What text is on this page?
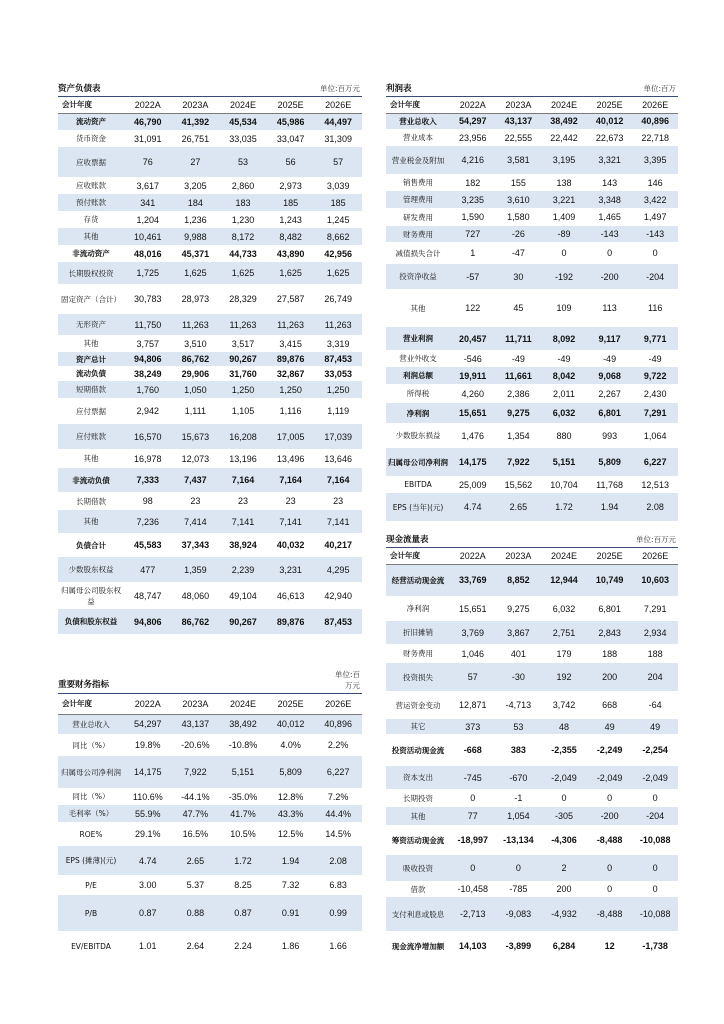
资产负债表	单位:百万元
会计年度	2022A	2023A	2024E	2025E	2026E
流动资产	46,790	41,392	45,534	45,986	44,497
货币资金	31,091	26,751	33,035	33,047	31,309
应收票据	76	27	53	56	57
应收账款	3,617	3,205	2,860	2,973	3,039
预付账款	341	184	183	185	185
存货	1,204	1,236	1,230	1,243	1,245
其他	10,461	9,988	8,172	8,482	8,662
非流动资产	48,016	45,371	44,733	43,890	42,956
长期股权投资	1,725	1,625	1,625	1,625	1,625
固定资产（合计）	30,783	28,973	28,329	27,587	26,749
无形资产	11,750	11,263	11,263	11,263	11,263
其他	3,757	3,510	3,517	3,415	3,319
资产总计	94,806	86,762	90,267	89,876	87,453
流动负债	38,249	29,906	31,760	32,867	33,053
短期借款	1,760	1,050	1,250	1,250	1,250
应付票据	2,942	1,111	1,105	1,116	1,119
应付账款	16,570	15,673	16,208	17,005	17,039
其他	16,978	12,073	13,196	13,496	13,646
非流动负债	7,333	7,437	7,164	7,164	7,164
长期借款	98	23	23	23	23
其他	7,236	7,414	7,141	7,141	7,141
负债合计	45,583	37,343	38,924	40,032	40,217
少数股东权益	477	1,359	2,239	3,231	4,295
归属母公司股东权益	48,747	48,060	49,104	46,613	42,940
负债和股东权益	94,806	86,762	90,267	89,876	87,453
利润表	单位:百万
会计年度	2022A	2023A	2024E	2025E	2026E
营业总收入	54,297	43,137	38,492	40,012	40,896
营业成本	23,956	22,555	22,442	22,673	22,718
营业税金及附加	4,216	3,581	3,195	3,321	3,395
销售费用	182	155	138	143	146
管理费用	3,235	3,610	3,221	3,348	3,422
研发费用	1,590	1,580	1,409	1,465	1,497
财务费用	727	-26	-89	-143	-143
减值损失合计	1	-47	0	0	0
投资净收益	-57	30	-192	-200	-204
其他	122	45	109	113	116
营业利润	20,457	11,711	8,092	9,117	9,771
营业外收支	-546	-49	-49	-49	-49
利润总额	19,911	11,661	8,042	9,068	9,722
所得税	4,260	2,386	2,011	2,267	2,430
净利润	15,651	9,275	6,032	6,801	7,291
少数股东损益	1,476	1,354	880	993	1,064
归属母公司净利润	14,175	7,922	5,151	5,809	6,227
EBITDA	25,009	15,562	10,704	11,768	12,513
EPS (当年)(元)	4.74	2.65	1.72	1.94	2.08
重要财务指标
单位:百万元
会计年度	2022A	2023A	2024E	2025E	2026E
营业总收入	54,297	43,137	38,492	40,012	40,896
同比（%）	19.8%	-20.6%	-10.8%	4.0%	2.2%
归属母公司净利润	14,175	7,922	5,151	5,809	6,227
同比（%）	110.6%	-44.1%	-35.0%	12.8%	7.2%
毛利率（%）	55.9%	47.7%	41.7%	43.3%	44.4%
ROE%	29.1%	16.5%	10.5%	12.5%	14.5%
EPS (摊薄)(元)	4.74	2.65	1.72	1.94	2.08
P/E	3.00	5.37	8.25	7.32	6.83
P/B	0.87	0.88	0.87	0.91	0.99
EV/EBITDA	1.01	2.64	2.24	1.86	1.66
现金流量表	单位:百万元
会计年度	2022A	2023A	2024E	2025E	2026E
经营活动现金流	33,769	8,852	12,944	10,749	10,603
净利润	15,651	9,275	6,032	6,801	7,291
折旧摊销	3,769	3,867	2,751	2,843	2,934
财务费用	1,046	401	179	188	188
投资损失	57	-30	192	200	204
营运资金变动	12,871	-4,713	3,742	668	-64
其它	373	53	48	49	49
投资活动现金流	-668	383	-2,355	-2,249	-2,254
资本支出	-745	-670	-2,049	-2,049	-2,049
长期投资	0	-1	0	0	0
其他	77	1,054	-305	-200	-204
筹资活动现金流	-18,997	-13,134	-4,306	-8,488	-10,088
吸收投资	0	0	2	0	0
借款	-10,458	-785	200	0	0
支付利息或股息	-2,713	-9,083	-4,932	-8,488	-10,088
现金流净增加额	14,103	-3,899	6,284	12	-1,738
